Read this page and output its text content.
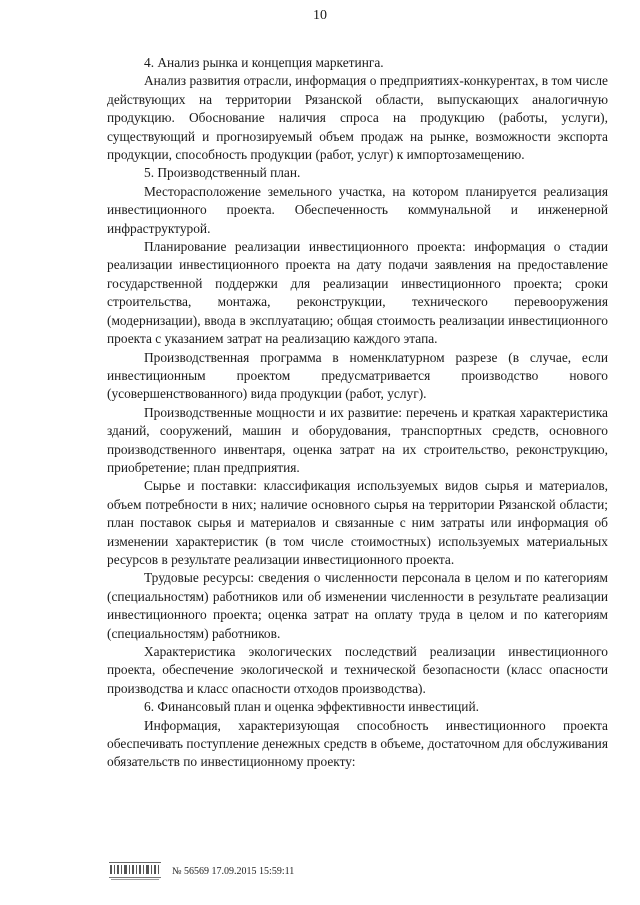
10

4. Анализ рынка и концепция маркетинга.

Анализ развития отрасли, информация о предприятиях-конкурентах, в том числе действующих на территории Рязанской области, выпускающих аналогичную продукцию. Обоснование наличия спроса на продукцию (работы, услуги), существующий и прогнозируемый объем продаж на рынке, возможности экспорта продукции, способность продукции (работ, услуг) к импортозамещению.

5. Производственный план.

Месторасположение земельного участка, на котором планируется реализация инвестиционного проекта. Обеспеченность коммунальной и инженерной инфраструктурой.

Планирование реализации инвестиционного проекта: информация о стадии реализации инвестиционного проекта на дату подачи заявления на предоставление государственной поддержки для реализации инвестиционного проекта; сроки строительства, монтажа, реконструкции, технического перевооружения (модернизации), ввода в эксплуатацию; общая стоимость реализации инвестиционного проекта с указанием затрат на реализацию каждого этапа.

Производственная программа в номенклатурном разрезе (в случае, если инвестиционным проектом предусматривается производство нового (усовершенствованного) вида продукции (работ, услуг).

Производственные мощности и их развитие: перечень и краткая характеристика зданий, сооружений, машин и оборудования, транспортных средств, основного производственного инвентаря, оценка затрат на их строительство, реконструкцию, приобретение; план предприятия.

Сырье и поставки: классификация используемых видов сырья и материалов, объем потребности в них; наличие основного сырья на территории Рязанской области; план поставок сырья и материалов и связанные с ним затраты или информация об изменении характеристик (в том числе стоимостных) используемых материальных ресурсов в результате реализации инвестиционного проекта.

Трудовые ресурсы: сведения о численности персонала в целом и по категориям (специальностям) работников или об изменении численности в результате реализации инвестиционного проекта; оценка затрат на оплату труда в целом и по категориям (специальностям) работников.

Характеристика экологических последствий реализации инвестиционного проекта, обеспечение экологической и технической безопасности (класс опасности производства и класс опасности отходов производства).

6. Финансовый план и оценка эффективности инвестиций.

Информация, характеризующая способность инвестиционного проекта обеспечивать поступление денежных средств в объеме, достаточном для обслуживания обязательств по инвестиционному проекту:

№ 56569 17.09.2015 15:59:11
